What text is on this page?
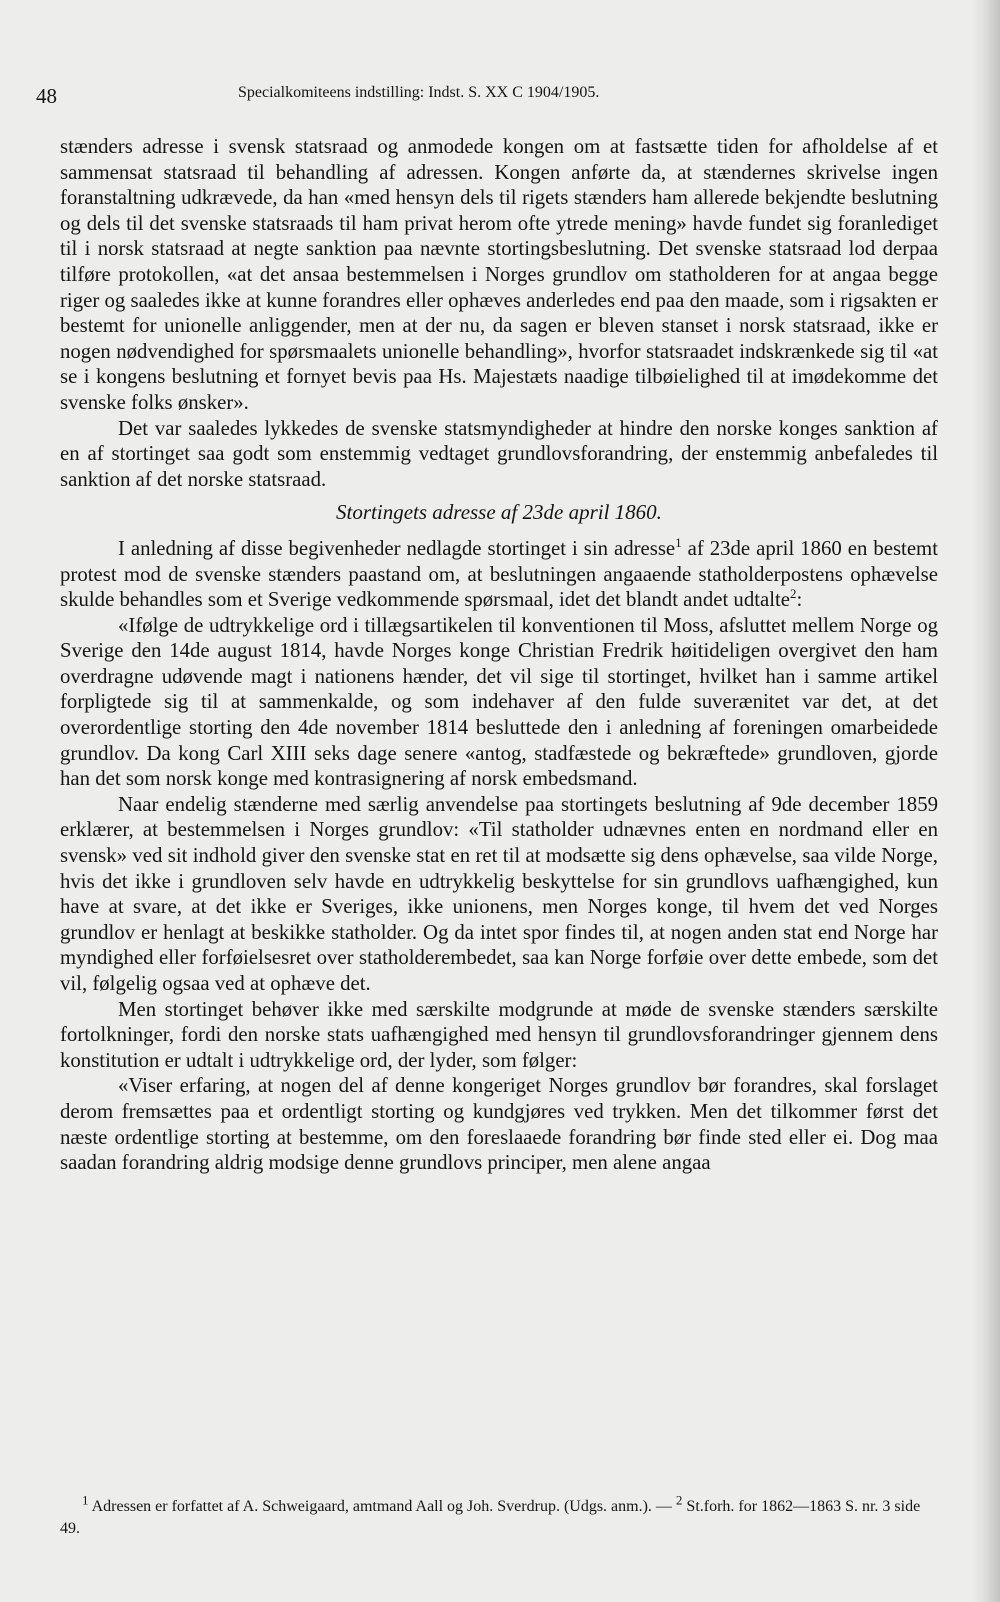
48	Specialkomiteens indstilling: Indst. S. XX C 1904/1905.

stænders adresse i svensk statsraad og anmodede kongen om at fastsætte tiden for afholdelse af et sammensat statsraad til behandling af adressen. Kongen anførte da, at stændernes skrivelse ingen foranstaltning udkrævede, da han «med hensyn dels til rigets stænders ham allerede bekjendte beslutning og dels til det svenske statsraads til ham privat herom ofte ytrede mening» havde fundet sig foranlediget til i norsk statsraad at negte sanktion paa nævnte stortingsbeslutning. Det svenske statsraad lod derpaa tilføre protokollen, «at det ansaa bestemmelsen i Norges grundlov om statholderen for at angaa begge riger og saaledes ikke at kunne forandres eller ophæves anderledes end paa den maade, som i rigsakten er bestemt for unionelle anliggender, men at der nu, da sagen er bleven stanset i norsk statsraad, ikke er nogen nødvendighed for spørsmaalets unionelle behandling», hvorfor statsraadet indskrænkede sig til «at se i kongens beslutning et fornyet bevis paa Hs. Majestæts naadige tilbøielighed til at imødekomme det svenske folks ønsker».

Det var saaledes lykkedes de svenske statsmyndigheder at hindre den norske konges sanktion af en af stortinget saa godt som enstemmig vedtaget grundlovsforandring, der enstemmig anbefaledes til sanktion af det norske statsraad.

Stortingets adresse af 23de april 1860.

I anledning af disse begivenheder nedlagde stortinget i sin adresse$^1$ af 23de april 1860 en bestemt protest mod de svenske stænders paastand om, at beslutningen angaaende statholderpostens ophævelse skulde behandles som et Sverige vedkommende spørsmaal, idet det blandt andet udtalte$^2$:

«Ifølge de udtrykkelige ord i tillægsartikelen til konventionen til Moss, afsluttet mellem Norge og Sverige den 14de august 1814, havde Norges konge Christian Fredrik høitideligen overgivet den ham overdragne udøvende magt i nationens hænder, det vil sige til stortinget, hvilket han i samme artikel forpligtede sig til at sammenkalde, og som indehaver af den fulde suverænitet var det, at det overordentlige storting den 4de november 1814 besluttede den i anledning af foreningen omarbeidede grundlov. Da kong Carl XIII seks dage senere «antog, stadfæstede og bekræftede» grundloven, gjorde han det som norsk konge med kontrasignering af norsk embedsmand.

Naar endelig stænderne med særlig anvendelse paa stortingets beslutning af 9de december 1859 erklærer, at bestemmelsen i Norges grundlov: «Til statholder udnævnes enten en nordmand eller en svensk» ved sit indhold giver den svenske stat en ret til at modsætte sig dens ophævelse, saa vilde Norge, hvis det ikke i grundloven selv havde en udtrykkelig beskyttelse for sin grundlovs uafhængighed, kun have at svare, at det ikke er Sveriges, ikke unionens, men Norges konge, til hvem det ved Norges grundlov er henlagt at beskikke statholder. Og da intet spor findes til, at nogen anden stat end Norge har myndighed eller forføielsesret over statholderembedet, saa kan Norge forføie over dette embede, som det vil, følgelig ogsaa ved at ophæve det.

Men stortinget behøver ikke med særskilte modgrunde at møde de svenske stænders særskilte fortolkninger, fordi den norske stats uafhængighed med hensyn til grundlovsforandringer gjennem dens konstitution er udtalt i udtrykkelige ord, der lyder, som følger:

«Viser erfaring, at nogen del af denne kongeriget Norges grundlov bør forandres, skal forslaget derom fremsættes paa et ordentligt storting og kundgjøres ved trykken. Men det tilkommer først det næste ordentlige storting at bestemme, om den foreslaaede forandring bør finde sted eller ei. Dog maa saadan forandring aldrig modsige denne grundlovs principer, men alene angaa

$^1$ Adressen er forfattet af A. Schweigaard, amtmand Aall og Joh. Sverdrup. (Udgs. anm.). — $^2$ St.forh. for 1862—1863 S. nr. 3 side 49.
